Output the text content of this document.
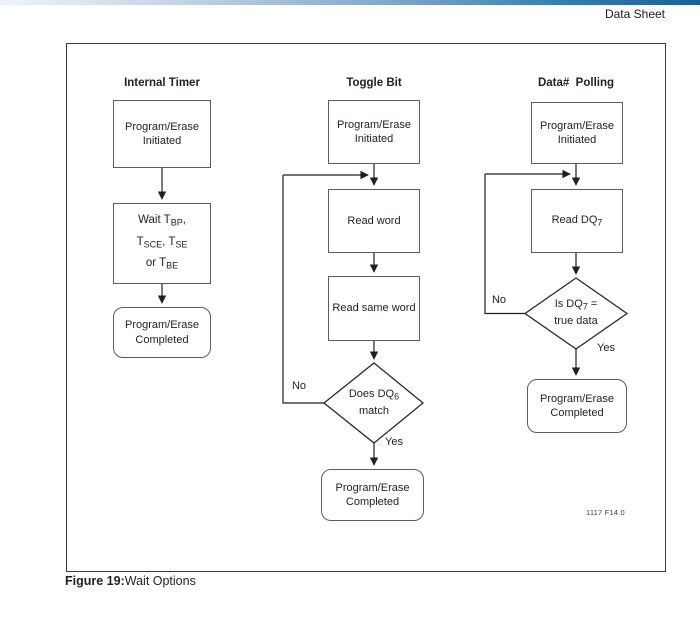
Data Sheet
Internal Timer	Toggle Bit	Data#  Polling
Program/Erase Initiated
Wait $T_{BP}$,
$T_{SCE}$, $T_{SE}$
or $T_{BE}$
Program/Erase Completed
Program/Erase Initiated
Read word
Read same word
Does $DQ_6$
match
No
Yes
Program/Erase Completed
Program/Erase Initiated
Read $DQ_7$
Is $DQ_7$ =
true data
No
Yes
Program/Erase Completed
1117 F14.0
Figure 19:Wait Options
